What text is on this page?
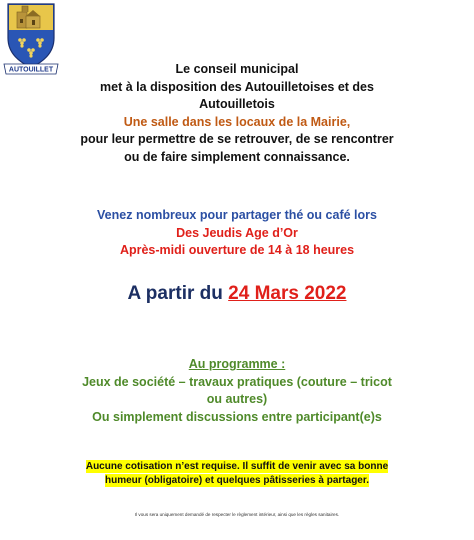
AUTOUILLET	Le conseil municipal
met à la disposition des Autouilletoises et des
Autouilletois
Une salle dans les locaux de la Mairie,
pour leur permettre de se retrouver, de se rencontrer
ou de faire simplement connaissance.
Venez nombreux pour partager thé ou café lors
Des Jeudis Age d’Or
Après-midi ouverture de 14 à 18 heures
A partir du 24 Mars 2022
Au programme :
Jeux de société – travaux pratiques (couture – tricot
ou autres)
Ou simplement discussions entre participant(e)s
Aucune cotisation n’est requise. Il suffit de venir avec sa bonne
humeur (obligatoire) et quelques pâtisseries à partager.
Il vous sera uniquement demandé de respecter le règlement intérieur, ainsi que les règles sanitaires.
